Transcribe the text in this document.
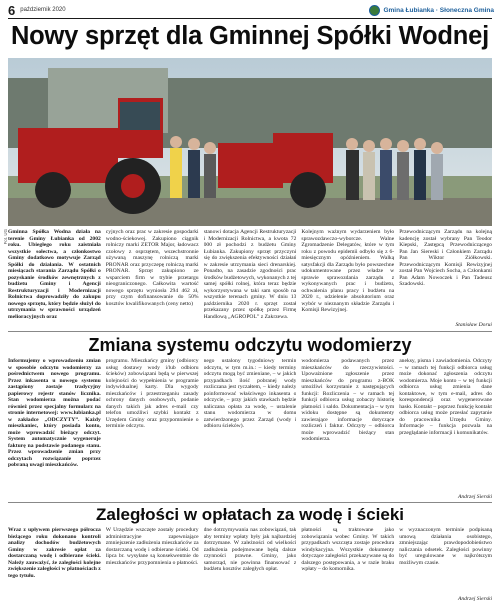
6 październik 2020	Gmina Łubianka · Słoneczna Gmina
Nowy sprzęt dla Gminnej Spółki Wodnej
Fot. UG Gminna Spółka Wodna działa na terenie Gminy Łubianka od 2002 roku. Ubiegłego roku zaistniała wszystkie sołectwa, a członkostwo Gminy dodatkowo motywuje Zarząd Spółki do działania. W ostatnich miesiącach starania Zarządu Spółki o pozyskanie środków zewnętrznych z budżetu Gminy i Agencji Restrukturyzacji i Modernizacji Rolnictwa doprowadziły do zakupu nowego sprzętu, który będzie służył do utrzymania w sprawności urządzeń melioracyjnych oraz

cyjnych oraz prac w zakresie gospodarki wodno-ściekowej. Zakupiono ciągnik rolniczy marki ZETOR Major, ładowacz czołowy z osprzętem, wszechstronnie używaną maszynę rolniczą marki PRONAR oraz przyczepę rolniczą marki PRONAR. Sprzęt zakupiono ze wsparciem firm w trybie przetargu nieograniczonego. Całkowita wartość nowego sprzętu wyniosła 294 462 zł, przy czym dofinansowanie do 50% kosztów kwalifikowanych (ceny netto)

stanowi dotacja Agencji Restrukturyzacji i Modernizacji Rolnictwa, a kwota 72 000 zł pochodzi z budżetu Gminy Łubianka. Zakupiony sprzęt przyczyni się do zwiększenia efektywności działań w zakresie utrzymania sieci drenarskiej. Ponadto, na zasadzie zgodności prac środków budżetowych, wykonanych z tej samej spółki rolnej, która teraz będzie wykorzystywana w taki sam sposób na wszystkie terenach gminy. W dniu 13 października 2020 r. sprzęt został przekazany przez spółkę przez Firmę Handlową „AGROPOL” z Zakrzewa.

Kolejnym ważnym wydarzeniem było sprawozdawczo-wyborcze. Walne Zgromadzenie Delegatów, które w tym roku z powodu epidemii odbyło się z 6-miesięcznym opóźnieniem. Walką satysfakcji dla Zarządu było powszechne udokumentowane przez władze w sprawie sprawozdania zarządu z wykonywanych prac i budżetu, ochwalenia planu pracy i budżetu na 2020 r., udzielenie absolutorium oraz wybór w nieznanym składzie Zarządu i Komisji Rewizyjnej.

Przewodniczącym Zarządu na kolejną kadencję został wybrany Pan Teodor Kiepski, Zastępcą Przewodniczącego Pan Jan Siereski i Członkiem Zarządu Pan Wiktor Ziółkowski. Przewodniczącym Komisji Rewizyjnej został Pan Wojciech Socha, a Członkami Pan Adam Nowoczek i Pan Tadeusz Szadowski.

Stanisław Dorui
Zmiana systemu odczytu wodomierzy

Informujemy o wprowadzeniu zmian w sposobie odczytu wodomierzy za pośrednictwem nowego programu. Przez inkasenta u nowego systemu zastąpiony zostaje tradycyjny papierowy rejestr stanów licznika. Stan wodomierza można podać również przez specjalny formularz na stronie internetowej: www.lubianka.pl w zakładce „ODCZYTY”. Każdy mieszkaniec, który posiada konto, może wprowadzić bieżący odczyt. System automatycznie wygeneruje fakturę na podstawie podanego stanu. Przez wprowadzenie zmian przy odczytach rozwiązanie poprzez pobraną uwagi mieszkańców.

programu. Mieszkańcy gminy (odbiorcy usług dostawy wody i/lub odbioru ścieków) zobowiązani będą w pierwszej kolejności do wypełnienia w programie indywidualnej karty. Dla wygody mieszkańców i przestrzeganiu zasady ochrony danych osobowych, podanie danych takich jak adres e-mail czy telefon umożliwi szybki kontakt z Urzędem Gminy oraz przypomnienie o terminie odczytu.

nego ustalony tygodniowy termin odczytu, w tym m.in.: – kiedy terminy odczytu mogą być zmieniane, – w jakich przypadkach ilość pobranej wody rozliczana jest ryczałtem, – kiedy należy poinformować właściwego inkasenta o odczycie, – przy jakich stawkach będzie naliczana opłata za wodę, – ustalenie stanu wodomierza w domu zatwierdzonego przez Zarząd (wody i odbioru ścieków).

wodomierza podawanych przez mieszkańców do rzeczywistości. Upoważnione zgłoszenie przez mieszkańców do programu z-BOK umożliwi korzystanie z następujących funkcji: Rozliczenia – w ramach tej funkcji odbiorca usług zobaczy historię płatności i saldo. Dokumentacja – w tym widoku dostępne są dokumenty zawierające informacje dotyczące rozliczeń i faktur. Odczyty – odbiorca może wprowadzić bieżący stan wodomierza.

aneksy, pisma i zawiadomienia. Odczyty – w ramach tej funkcji odbiorca usług może dokonać zgłoszenia odczytu wodomierza. Moje konto – w tej funkcji odbiorca usług zmienia dane kontaktowe, w tym e-mail, adres do korespondencji oraz wygenerowane hasło. Kontakt – poprzez funkcję kontakt odbiorca usług może przesłać zapytanie do pracownika Urzędu Gminy. Informacje – funkcja pozwala na przeglądanie informacji i komunikatów.

Andrzej Sierski
Zaległości w opłatach za wodę i ścieki

Wraz z upływem pierwszego półrocza bieżącego roku dokonano kontroli analizy dochodów budżetowych Gminy w zakresie opłat za dostarczaną wodę i odbierane ścieki. Należy zauważyć, że zaległości kolejne zwiększenie zaległości w płatnościach z tego tytułu.

W Urzędzie wszczęte zostały procedury administracyjne zapewniające zmniejszenie zadłużenia mieszkańców za dostarczaną wodę i odbierane ścieki. Od lipca br. wysyłane są konsekwentnie do mieszkańców przypomnienia o płatności.

dne dotrzymywania nas zobowiązań, tak aby terminy wpłaty były jak najbardziej dotrzymane. W zależności od wielkości zadłużenia podejmowane będą dalsze czynności prawne. Gminy, jako samorząd, nie powinna finansować z budżetu kosztów zaległych opłat.

płatności są traktowane jako zobowiązania wobec Gminy. W takich przypadkach wszczęta zostaje procedura windykacyjna. Wszystkie dokumenty dotyczące zaległości przekazywane są do dalszego postępowania, a w razie braku wpłaty – do komornika.

w wyznaczonym terminie podpisaną umową działania osobistego, zmniejszając prawdopodobieństwo naliczania odsetek. Zaległości powinny być uregulowane w najkrótszym możliwym czasie.

Andrzej Sierski
